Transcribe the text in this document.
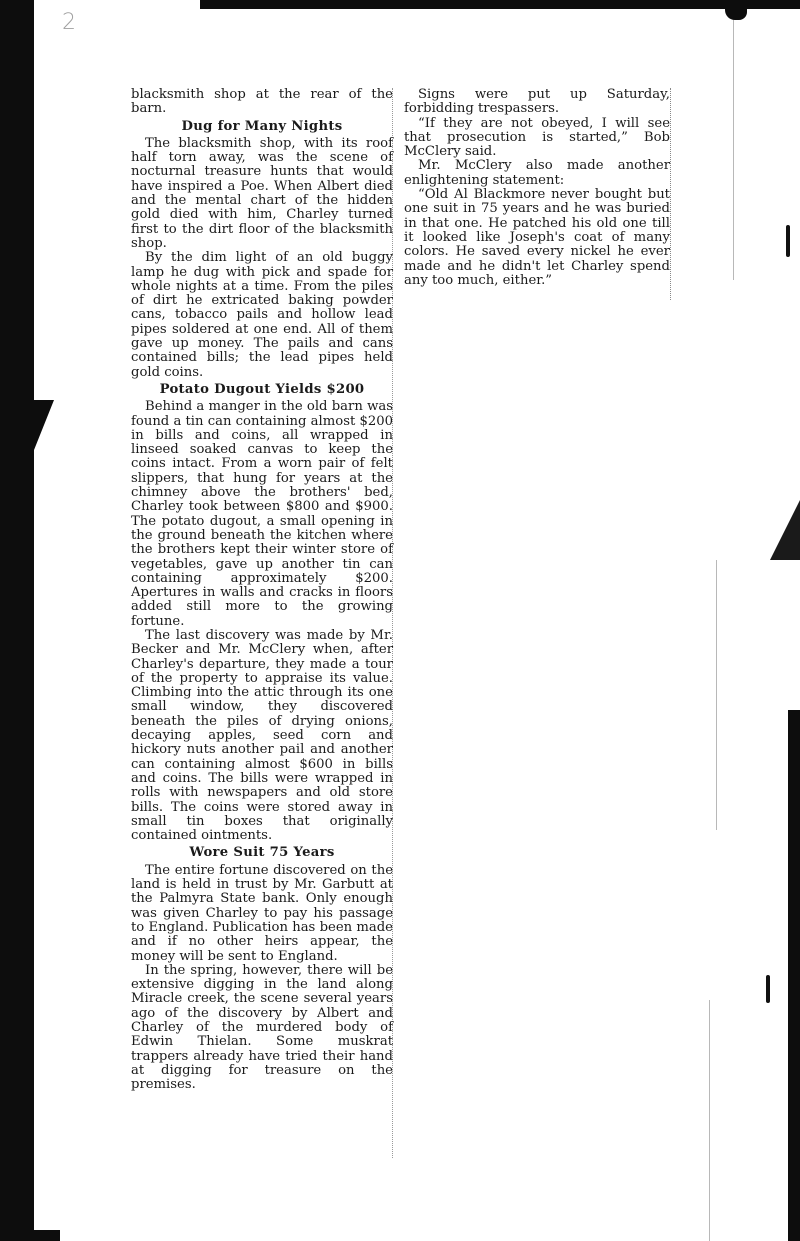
2

blacksmith shop at the rear of the barn.

Dug for Many Nights

The blacksmith shop, with its roof half torn away, was the scene of nocturnal treasure hunts that would have inspired a Poe. When Albert died and the mental chart of the hidden gold died with him, Charley turned first to the dirt floor of the blacksmith shop.

By the dim light of an old buggy lamp he dug with pick and spade for whole nights at a time. From the piles of dirt he extricated baking powder cans, tobacco pails and hollow lead pipes soldered at one end. All of them gave up money. The pails and cans contained bills; the lead pipes held gold coins.

Potato Dugout Yields $200

Behind a manger in the old barn was found a tin can containing almost $200 in bills and coins, all wrapped in linseed soaked canvas to keep the coins intact. From a worn pair of felt slippers, that hung for years at the chimney above the brothers' bed, Charley took between $800 and $900. The potato dugout, a small opening in the ground beneath the kitchen where the brothers kept their winter store of vegetables, gave up another tin can containing approximately $200. Apertures in walls and cracks in floors added still more to the growing fortune.

The last discovery was made by Mr. Becker and Mr. McClery when, after Charley's departure, they made a tour of the property to appraise its value. Climbing into the attic through its one small window, they discovered beneath the piles of drying onions, decaying apples, seed corn and hickory nuts another pail and another can containing almost $600 in bills and coins. The bills were wrapped in rolls with newspapers and old store bills. The coins were stored away in small tin boxes that originally contained ointments.

Wore Suit 75 Years

The entire fortune discovered on the land is held in trust by Mr. Garbutt at the Palmyra State bank. Only enough was given Charley to pay his passage to England. Publication has been made and if no other heirs appear, the money will be sent to England.

In the spring, however, there will be extensive digging in the land along Miracle creek, the scene several years ago of the discovery by Albert and Charley of the murdered body of Edwin Thielan. Some muskrat trappers already have tried their hand at digging for treasure on the premises.

Signs were put up Saturday, forbidding trespassers.

“If they are not obeyed, I will see that prosecution is started,” Bob McClery said.

Mr. McClery also made another enlightening statement:

“Old Al Blackmore never bought but one suit in 75 years and he was buried in that one. He patched his old one till it looked like Joseph's coat of many colors. He saved every nickel he ever made and he didn't let Charley spend any too much, either.”
